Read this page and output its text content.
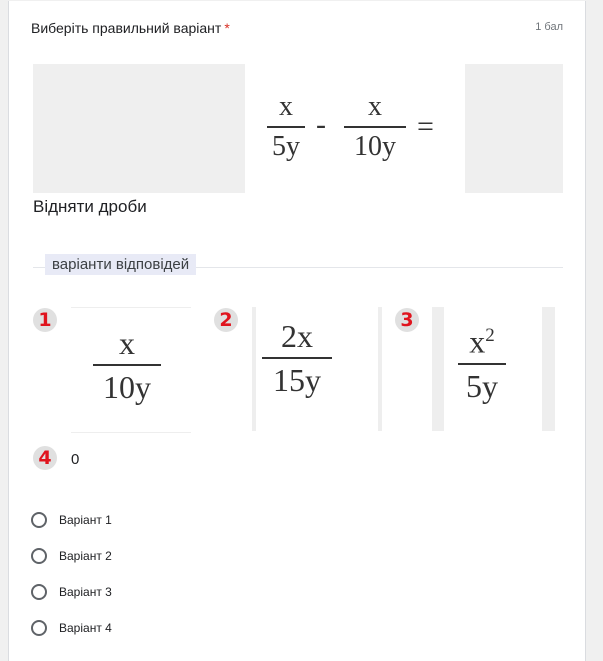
Виберіть правильний варіант *	1 бал
x
5y
-
x
10y
=
Відняти дроби
варіанти відповідей
1
x
10y
2	2x
15y
3
$x^2$
5y
4	0
Варіант 1
Варіант 2
Варіант 3
Варіант 4
